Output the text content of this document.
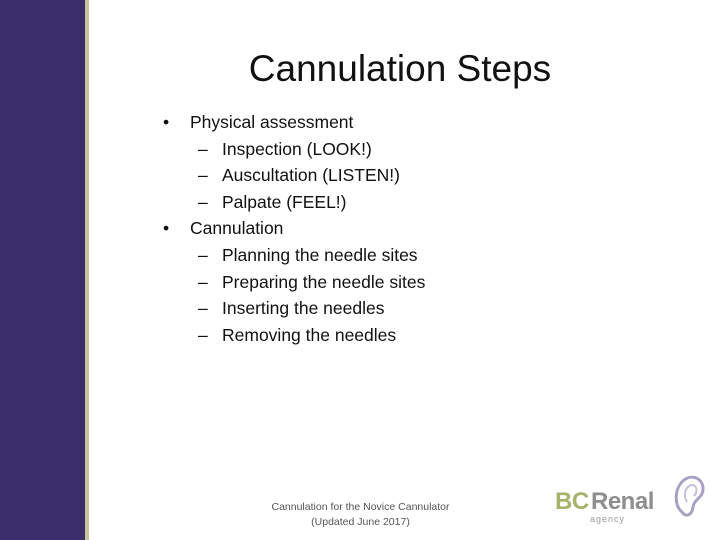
Cannulation Steps
• Physical assessment
– Inspection (LOOK!)
– Auscultation (LISTEN!)
– Palpate (FEEL!)
• Cannulation
– Planning the needle sites
– Preparing the needle sites
– Inserting the needles
– Removing the needles
Cannulation for the Novice Cannulator
(Updated June 2017)
BC Renal
agency
